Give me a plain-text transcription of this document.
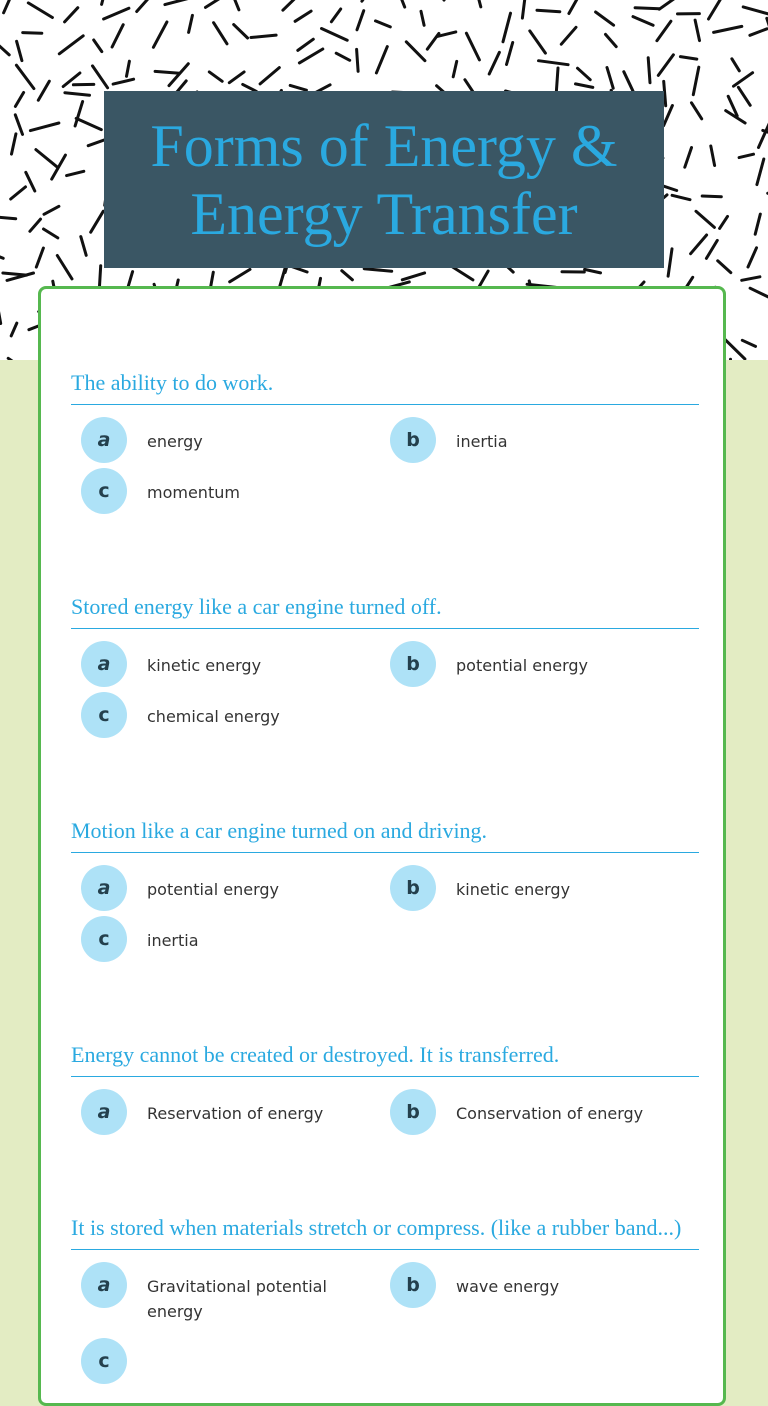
Forms of Energy & Energy Transfer
The ability to do work.
a	energy	b	inertia
c	momentum
Stored energy like a car engine turned off.
a	kinetic energy	b	potential energy
c	chemical energy
Motion like a car engine turned on and driving.
a	potential energy	b	kinetic energy
c	inertia
Energy cannot be created or destroyed. It is transferred.
a	Reservation of energy	b	Conservation of energy
It is stored when materials stretch or compress. (like a rubber band...)
a	Gravitational potential energy
b	wave energy
c
